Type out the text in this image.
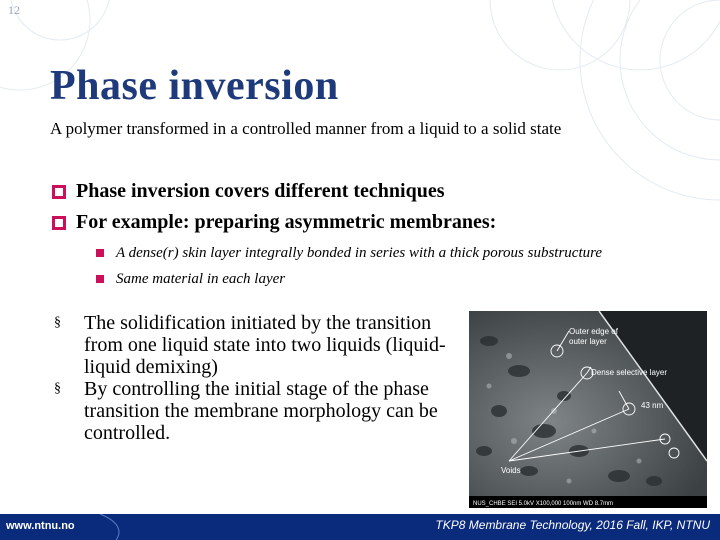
12
Phase inversion
A polymer transformed in a controlled manner from a liquid to a solid state
Phase inversion covers different techniques
For example: preparing asymmetric membranes:
A dense(r) skin layer integrally bonded in series with a thick porous substructure
Same material in each layer
§	The solidification initiated by the transition from one liquid state into two liquids (liquid-liquid demixing)
§	By controlling the initial stage of the phase transition the membrane morphology can be controlled.
Outer edge of
outer layer
Dense selective layer
43 nm
Voids
NUS_CHBE SEI 5.0kV X100,000 100nm WD 8.7mm
www.ntnu.no	TKP8 Membrane Technology, 2016 Fall, IKP, NTNU
